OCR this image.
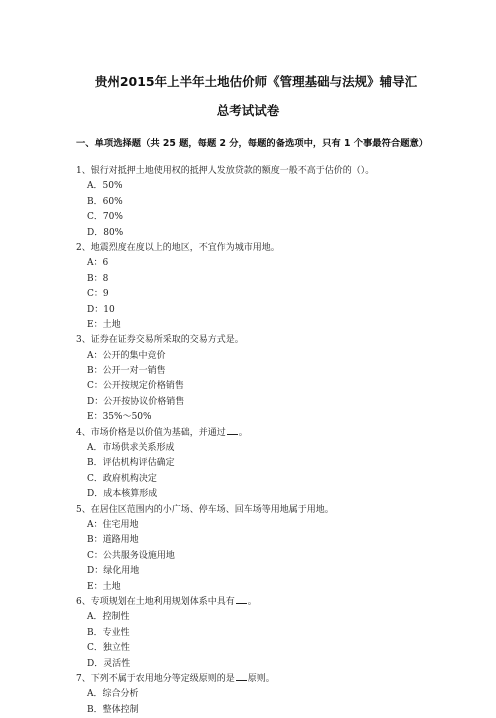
贵州2015年上半年土地估价师《管理基础与法规》辅导汇
总考试试卷
一、单项选择题（共 25 题，每题 2 分，每题的备选项中，只有 1 个事最符合题意）
1、银行对抵押土地使用权的抵押人发放贷款的额度一般不高于估价的（）。
A．50%
B．60%
C．70%
D．80%
2、地震烈度在度以上的地区，不宜作为城市用地。
A：6
B：8
C：9
D：10
E：土地
3、证券在证券交易所采取的交易方式是。
A：公开的集中竞价
B：公开一对一销售
C：公开按规定价格销售
D：公开按协议价格销售
E：35%～50%
4、市场价格是以价值为基础，并通过 。
A．市场供求关系形成
B．评估机构评估确定
C．政府机构决定
D．成本核算形成
5、在居住区范围内的小广场、停车场、回车场等用地属于用地。
A：住宅用地
B：道路用地
C：公共服务设施用地
D：绿化用地
E：土地
6、专项规划在土地利用规划体系中具有 。
A．控制性
B．专业性
C．独立性
D．灵活性
7、下列不属于农用地分等定级原则的是 原则。
A．综合分析
B．整体控制
